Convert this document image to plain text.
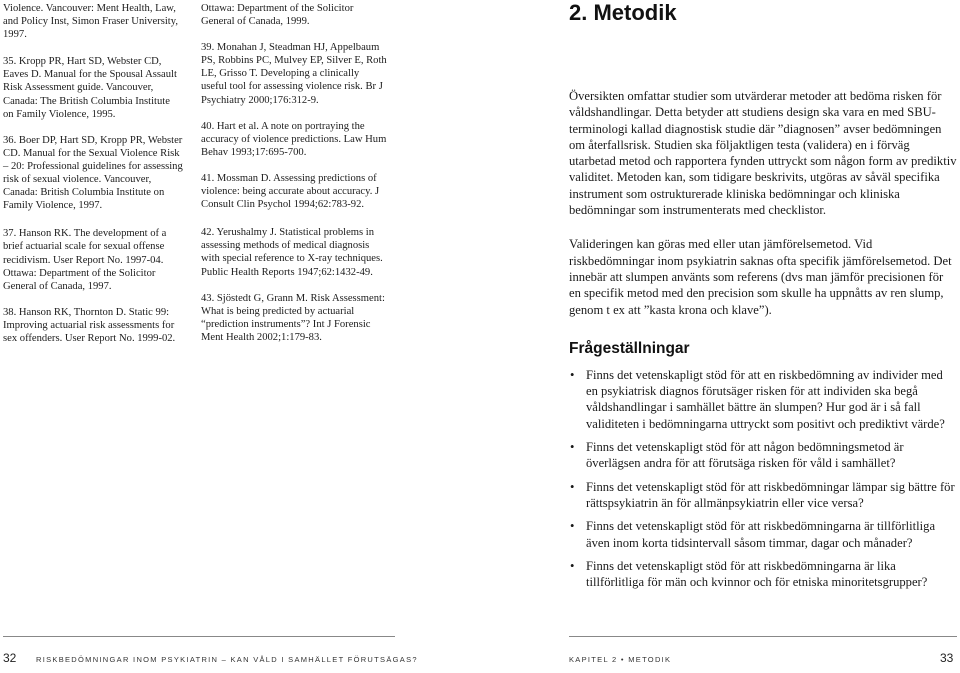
Violence. Vancouver: Ment Health, Law, and Policy Inst, Simon Fraser University, 1997.

35. Kropp PR, Hart SD, Webster CD, Eaves D. Manual for the Spousal Assault Risk Assessment guide. Vancouver, Canada: The British Columbia Institute on Family Violence, 1995.

36. Boer DP, Hart SD, Kropp PR, Webster CD. Manual for the Sexual Violence Risk – 20: Professional guidelines for assessing risk of sexual violence. Vancouver, Canada: British Columbia Institute on Family Violence, 1997.

37. Hanson RK. The development of a brief actuarial scale for sexual offense recidivism. User Report No. 1997-04. Ottawa: Department of the Solicitor General of Canada, 1997.

38. Hanson RK, Thornton D. Static 99: Improving actuarial risk assessments for sex offenders. User Report No. 1999-02.

Ottawa: Department of the Solicitor General of Canada, 1999.

39. Monahan J, Steadman HJ, Appelbaum PS, Robbins PC, Mulvey EP, Silver E, Roth LE, Grisso T. Developing a clinically useful tool for assessing violence risk. Br J Psychiatry 2000;176:312-9.

40. Hart et al. A note on portraying the accuracy of violence predictions. Law Hum Behav 1993;17:695-700.

41. Mossman D. Assessing predictions of violence: being accurate about accuracy. J Consult Clin Psychol 1994;62:783-92.

42. Yerushalmy J. Statistical problems in assessing methods of medical diagnosis with special reference to X-ray techniques. Public Health Reports 1947;62:1432-49.

43. Sjöstedt G, Grann M. Risk Assessment: What is being predicted by actuarial “prediction instruments”? Int J Forensic Ment Health 2002;1:179-83.

2. Metodik

Översikten omfattar studier som utvärderar metoder att bedöma risken för våldshandlingar. Detta betyder att studiens design ska vara en med SBU-terminologi kallad diagnostisk studie där ”diagnosen” avser bedömningen om återfallsrisk. Studien ska följaktligen testa (validera) en i förväg utarbetad metod och rapportera fynden uttryckt som någon form av prediktiv validitet. Metoden kan, som tidigare beskrivits, utgöras av såväl specifika instrument som ostrukturerade kliniska bedömningar och kliniska bedömningar som instrumenterats med checklistor.

Valideringen kan göras med eller utan jämförelsemetod. Vid riskbedömningar inom psykiatrin saknas ofta specifik jämförelsemetod. Det innebär att slumpen använts som referens (dvs man jämför precisionen för en specifik metod med den precision som skulle ha uppnåtts av ren slump, genom t ex att ”kasta krona och klave”).

Frågeställningar
• Finns det vetenskapligt stöd för att en riskbedömning av individer med en psykiatrisk diagnos förutsäger risken för att individen ska begå våldshandlingar i samhället bättre än slumpen? Hur god är i så fall validiteten i bedömningarna uttryckt som positivt och prediktivt värde?
• Finns det vetenskapligt stöd för att någon bedömningsmetod är överlägsen andra för att förutsäga risken för våld i samhället?
• Finns det vetenskapligt stöd för att riskbedömningar lämpar sig bättre för rättspsykiatrin än för allmänpsykiatrin eller vice versa?
• Finns det vetenskapligt stöd för att riskbedömningarna är tillförlitliga även inom korta tidsintervall såsom timmar, dagar och månader?
• Finns det vetenskapligt stöd för att riskbedömningarna är lika tillförlitliga för män och kvinnor och för etniska minoritetsgrupper?
32	RISKBEDÖMNINGAR INOM PSYKIATRIN – KAN VÅLD I SAMHÄLLET FÖRUTSÄGAS?	KAPITEL 2 • METODIK	33
